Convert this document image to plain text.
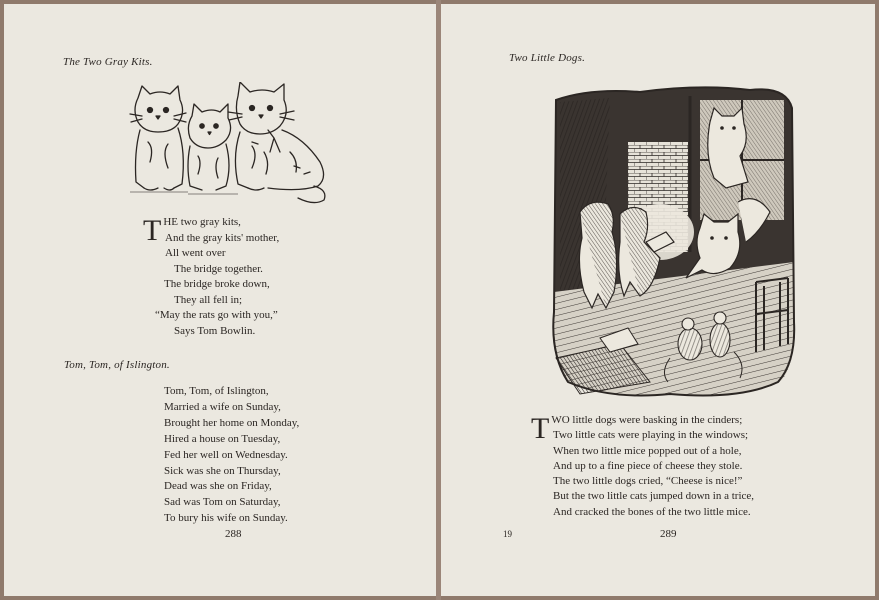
The Two Gray Kits.
THE two gray kits,
And the gray kits' mother,
All went over
The bridge together.
The bridge broke down,
They all fell in;
“May the rats go with you,”
Says Tom Bowlin.
Tom, Tom, of Islington.
Tom, Tom, of Islington,
Married a wife on Sunday,
Brought her home on Monday,
Hired a house on Tuesday,
Fed her well on Wednesday.
Sick was she on Thursday,
Dead was she on Friday,
Sad was Tom on Saturday,
To bury his wife on Sunday.
288
Two Little Dogs.
TWO little dogs were basking in the cinders;
Two little cats were playing in the windows;
When two little mice popped out of a hole,
And up to a fine piece of cheese they stole.
The two little dogs cried, “Cheese is nice!”
But the two little cats jumped down in a trice,
And cracked the bones of the two little mice.
19	289
